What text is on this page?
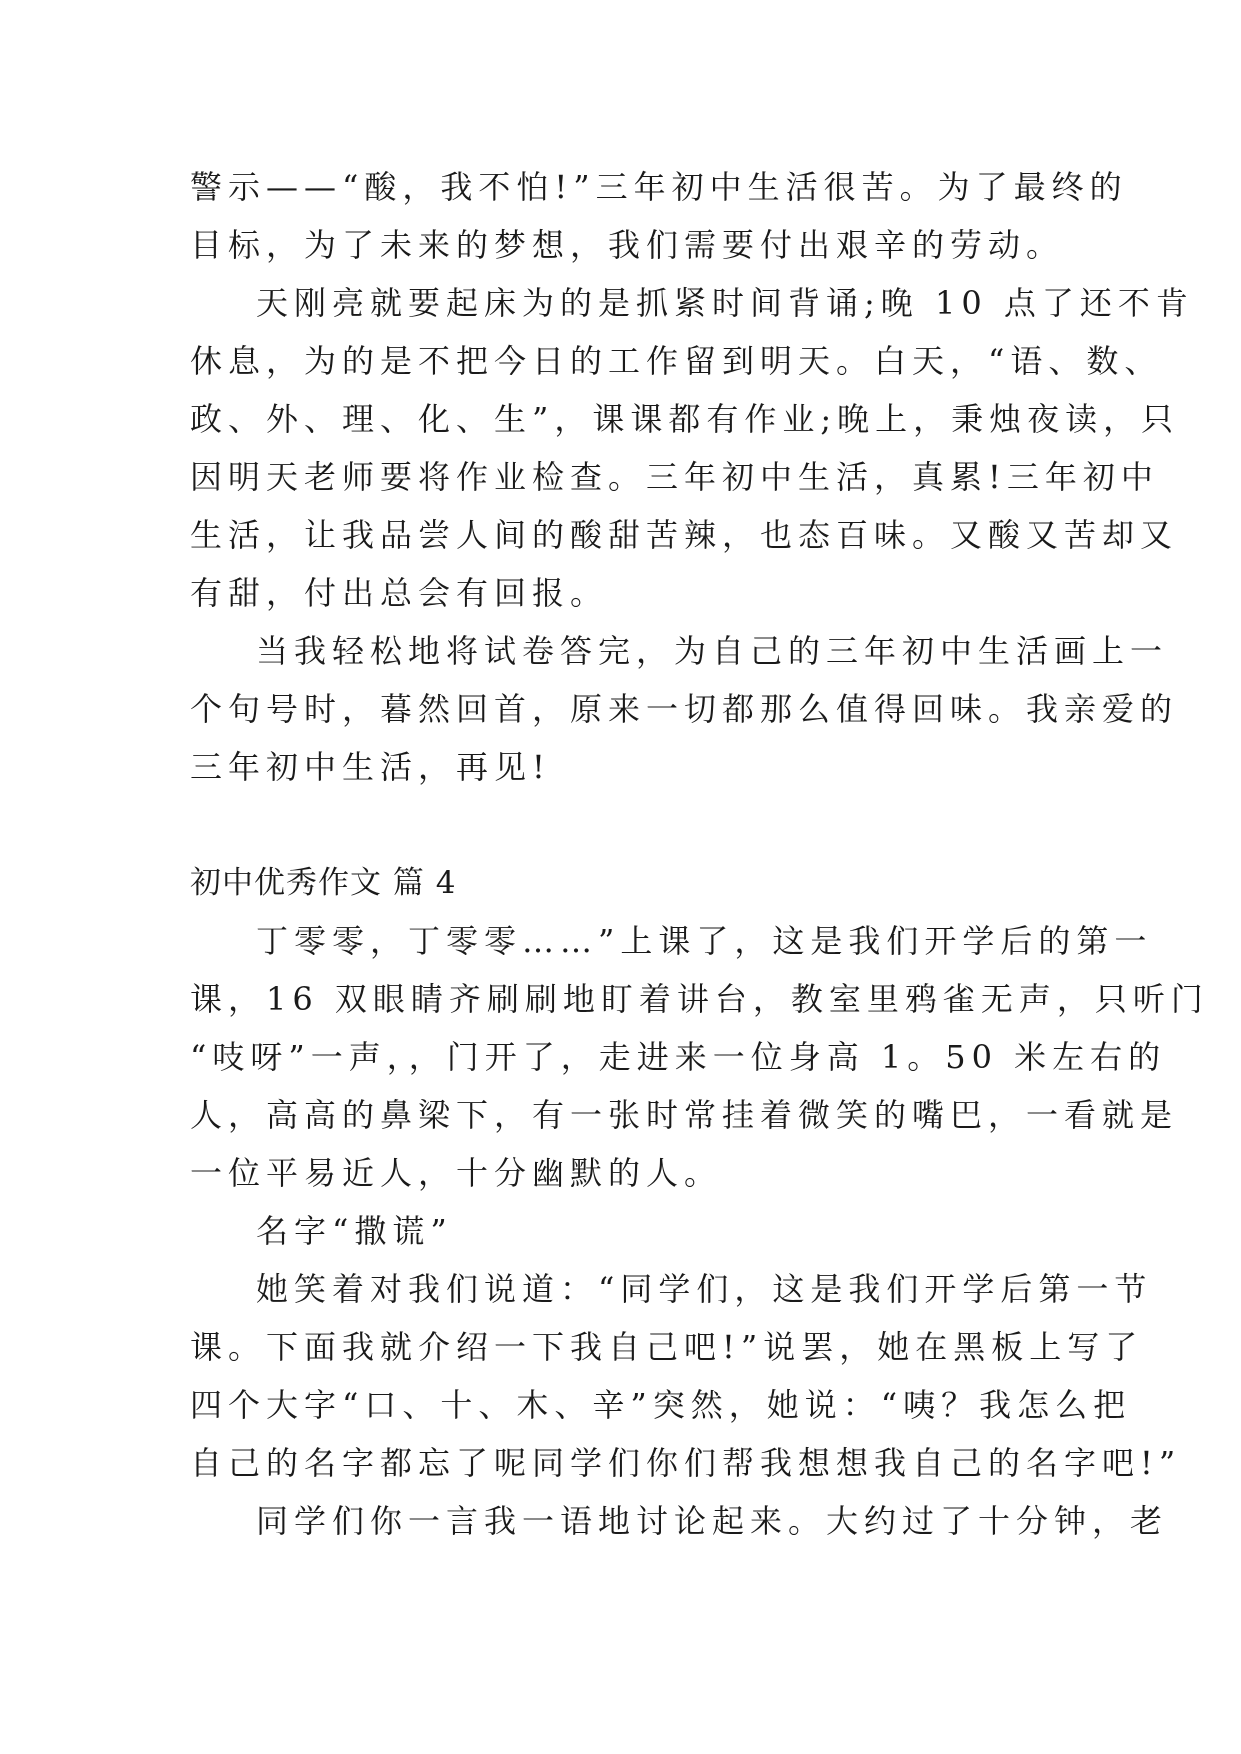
警示——“酸，我不怕!”三年初中生活很苦。为了最终的
目标，为了未来的梦想，我们需要付出艰辛的劳动。
天刚亮就要起床为的是抓紧时间背诵;晚 10 点了还不肯
休息，为的是不把今日的工作留到明天。白天，“语、数、
政、外、理、化、生”，课课都有作业;晚上，秉烛夜读，只
因明天老师要将作业检查。三年初中生活，真累!三年初中
生活，让我品尝人间的酸甜苦辣，也态百味。又酸又苦却又
有甜，付出总会有回报。
当我轻松地将试卷答完，为自己的三年初中生活画上一
个句号时，暮然回首，原来一切都那么值得回味。我亲爱的
三年初中生活，再见!
初中优秀作文 篇 4
丁零零，丁零零……”上课了，这是我们开学后的第一
课，16 双眼睛齐刷刷地盯着讲台，教室里鸦雀无声，只听门
“吱呀”一声，，门开了，走进来一位身高 1。50 米左右的
人，高高的鼻梁下，有一张时常挂着微笑的嘴巴，一看就是
一位平易近人，十分幽默的人。
名字“撒谎”
她笑着对我们说道：“同学们，这是我们开学后第一节
课。下面我就介绍一下我自己吧!”说罢，她在黑板上写了
四个大字“口、十、木、辛”突然，她说：“咦？我怎么把
自己的名字都忘了呢同学们你们帮我想想我自己的名字吧!”
同学们你一言我一语地讨论起来。大约过了十分钟，老
